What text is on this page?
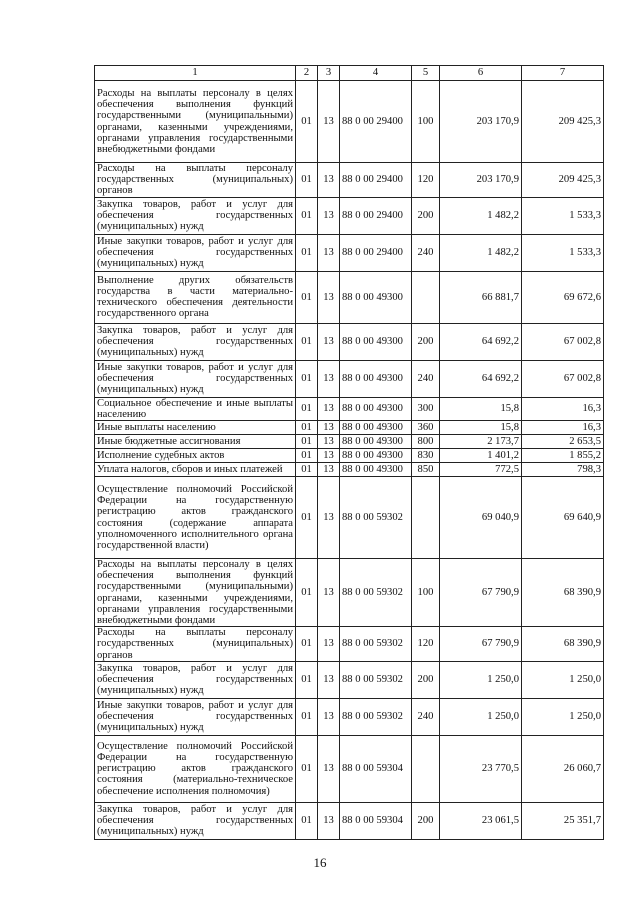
1	2	3	4	5	6	7
Расходы на выплаты персоналу в целях обеспечения выполнения функций государственными (муниципальными) органами, казенными учреждениями, органами управления государственными внебюджетными фондами	01	13	88 0 00 29400	100	203 170,9	209 425,3
Расходы на выплаты персоналу государственных (муниципальных) органов	01	13	88 0 00 29400	120	203 170,9	209 425,3
Закупка товаров, работ и услуг для обеспечения государственных (муниципальных) нужд	01	13	88 0 00 29400	200	1 482,2	1 533,3
Иные закупки товаров, работ и услуг для обеспечения государственных (муниципальных) нужд	01	13	88 0 00 29400	240	1 482,2	1 533,3
Выполнение других обязательств государства в части материально-технического обеспечения деятельности государственного органа	01	13	88 0 00 49300		66 881,7	69 672,6
Закупка товаров, работ и услуг для обеспечения государственных (муниципальных) нужд	01	13	88 0 00 49300	200	64 692,2	67 002,8
Иные закупки товаров, работ и услуг для обеспечения государственных (муниципальных) нужд	01	13	88 0 00 49300	240	64 692,2	67 002,8
Социальное обеспечение и иные выплаты населению	01	13	88 0 00 49300	300	15,8	16,3
Иные выплаты населению	01	13	88 0 00 49300	360	15,8	16,3
Иные бюджетные ассигнования	01	13	88 0 00 49300	800	2 173,7	2 653,5
Исполнение судебных актов	01	13	88 0 00 49300	830	1 401,2	1 855,2
Уплата налогов, сборов и иных платежей	01	13	88 0 00 49300	850	772,5	798,3
Осуществление полномочий Российской Федерации на государственную регистрацию актов гражданского состояния (содержание аппарата уполномоченного исполнительного органа государственной власти)	01	13	88 0 00 59302		69 040,9	69 640,9
Расходы на выплаты персоналу в целях обеспечения выполнения функций государственными (муниципальными) органами, казенными учреждениями, органами управления государственными внебюджетными фондами	01	13	88 0 00 59302	100	67 790,9	68 390,9
Расходы на выплаты персоналу государственных (муниципальных) органов	01	13	88 0 00 59302	120	67 790,9	68 390,9
Закупка товаров, работ и услуг для обеспечения государственных (муниципальных) нужд	01	13	88 0 00 59302	200	1 250,0	1 250,0
Иные закупки товаров, работ и услуг для обеспечения государственных (муниципальных) нужд	01	13	88 0 00 59302	240	1 250,0	1 250,0
Осуществление полномочий Российской Федерации на государственную регистрацию актов гражданского состояния (материально-техническое обеспечение исполнения полномочия)	01	13	88 0 00 59304		23 770,5	26 060,7
Закупка товаров, работ и услуг для обеспечения государственных (муниципальных) нужд	01	13	88 0 00 59304	200	23 061,5	25 351,7
16
